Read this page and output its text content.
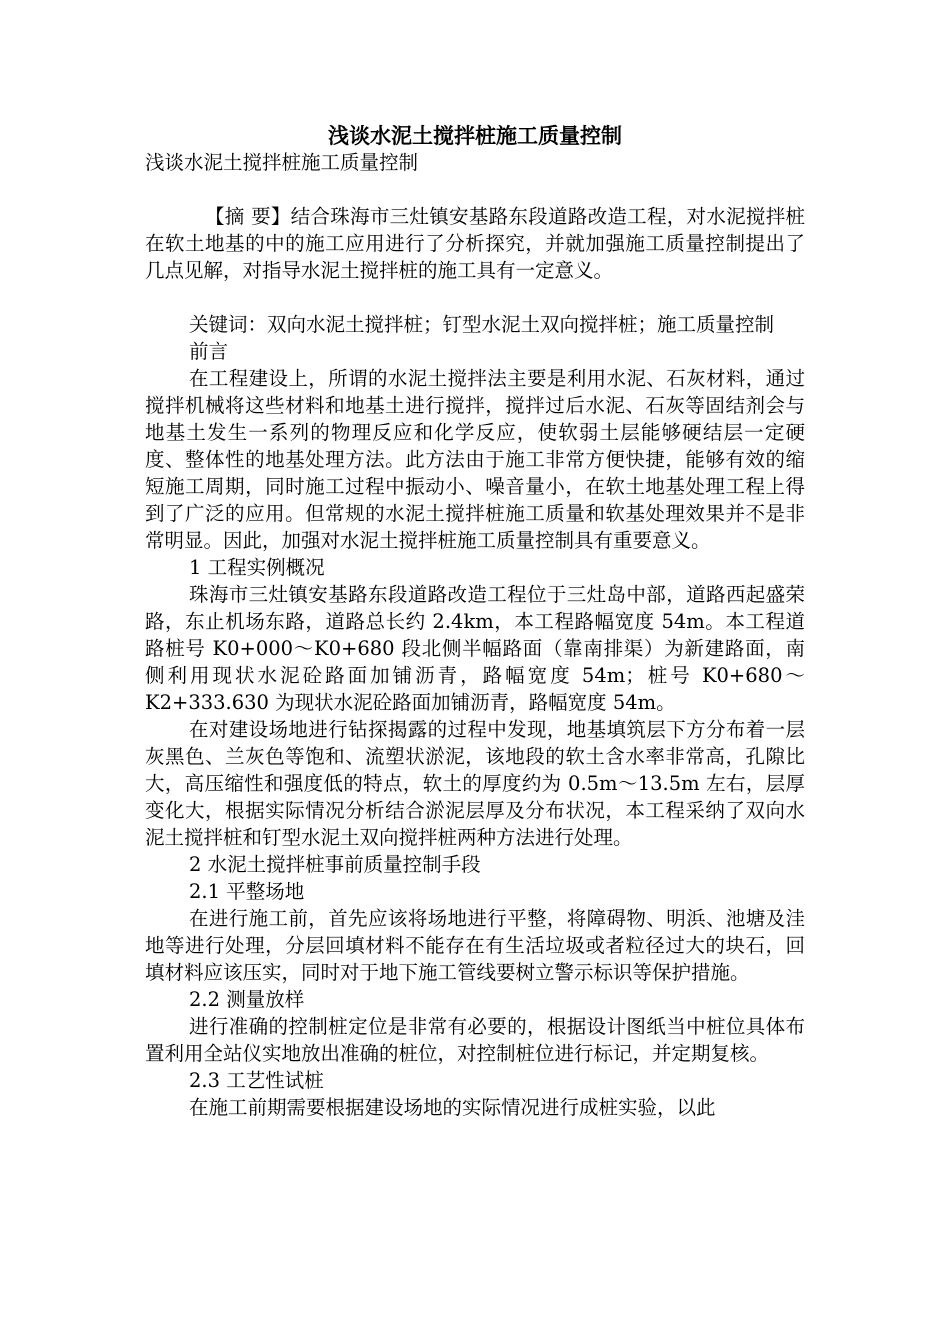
浅谈水泥土搅拌桩施工质量控制

浅谈水泥土搅拌桩施工质量控制

【摘 要】结合珠海市三灶镇安基路东段道路改造工程，对水泥搅拌桩在软土地基的中的施工应用进行了分析探究，并就加强施工质量控制提出了几点见解，对指导水泥土搅拌桩的施工具有一定意义。

关键词：双向水泥土搅拌桩；钉型水泥土双向搅拌桩；施工质量控制

前言

在工程建设上，所谓的水泥土搅拌法主要是利用水泥、石灰材料，通过搅拌机械将这些材料和地基土进行搅拌，搅拌过后水泥、石灰等固结剂会与地基土发生一系列的物理反应和化学反应，使软弱土层能够硬结层一定硬度、整体性的地基处理方法。此方法由于施工非常方便快捷，能够有效的缩短施工周期，同时施工过程中振动小、噪音量小，在软土地基处理工程上得到了广泛的应用。但常规的水泥土搅拌桩施工质量和软基处理效果并不是非常明显。因此，加强对水泥土搅拌桩施工质量控制具有重要意义。

1 工程实例概况

珠海市三灶镇安基路东段道路改造工程位于三灶岛中部，道路西起盛荣路，东止机场东路，道路总长约 2.4km，本工程路幅宽度 54m。本工程道路桩号 K0+000～K0+680 段北侧半幅路面（靠南排渠）为新建路面，南侧利用现状水泥砼路面加铺沥青，路幅宽度 54m；桩号 K0+680～K2+333.630 为现状水泥砼路面加铺沥青，路幅宽度 54m。

在对建设场地进行钻探揭露的过程中发现，地基填筑层下方分布着一层灰黑色、兰灰色等饱和、流塑状淤泥，该地段的软土含水率非常高，孔隙比大，高压缩性和强度低的特点，软土的厚度约为 0.5m～13.5m 左右，层厚变化大，根据实际情况分析结合淤泥层厚及分布状况，本工程采纳了双向水泥土搅拌桩和钉型水泥土双向搅拌桩两种方法进行处理。

2 水泥土搅拌桩事前质量控制手段

2.1 平整场地

在进行施工前，首先应该将场地进行平整，将障碍物、明浜、池塘及洼地等进行处理，分层回填材料不能存在有生活垃圾或者粒径过大的块石，回填材料应该压实，同时对于地下施工管线要树立警示标识等保护措施。

2.2 测量放样

进行准确的控制桩定位是非常有必要的，根据设计图纸当中桩位具体布置利用全站仪实地放出准确的桩位，对控制桩位进行标记，并定期复核。

2.3 工艺性试桩

在施工前期需要根据建设场地的实际情况进行成桩实验，以此
